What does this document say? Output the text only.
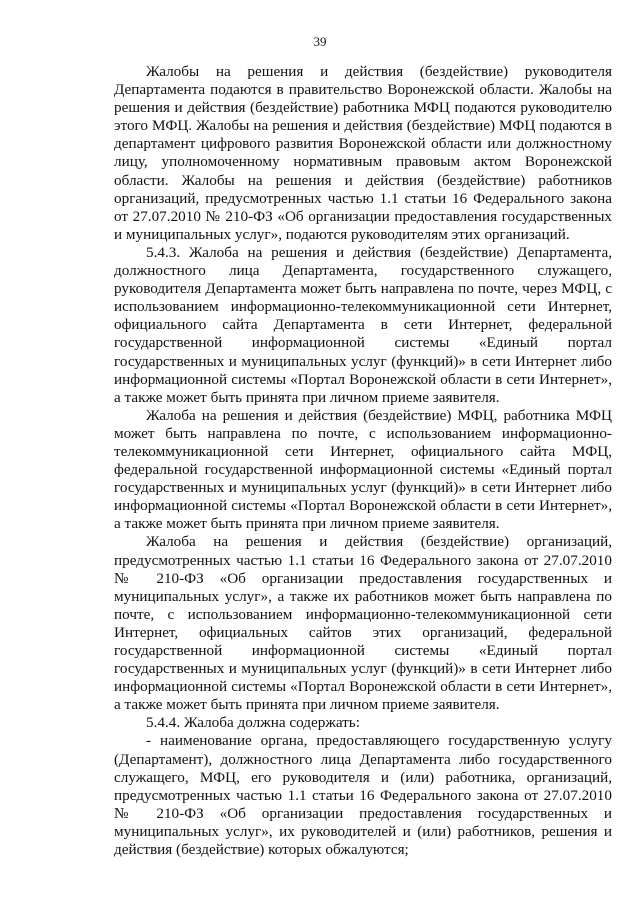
39

Жалобы на решения и действия (бездействие) руководителя Департамента подаются в правительство Воронежской области. Жалобы на решения и действия (бездействие) работника МФЦ подаются руководителю этого МФЦ. Жалобы на решения и действия (бездействие) МФЦ подаются в департамент цифрового развития Воронежской области или должностному лицу, уполномоченному нормативным правовым актом Воронежской области. Жалобы на решения и действия (бездействие) работников организаций, предусмотренных частью 1.1 статьи 16 Федерального закона от 27.07.2010 № 210-ФЗ «Об организации предоставления государственных и муниципальных услуг», подаются руководителям этих организаций.

5.4.3. Жалоба на решения и действия (бездействие) Департамента, должностного лица Департамента, государственного служащего, руководителя Департамента может быть направлена по почте, через МФЦ, с использованием информационно-телекоммуникационной сети Интернет, официального сайта Департамента в сети Интернет, федеральной государственной информационной системы «Единый портал государственных и муниципальных услуг (функций)» в сети Интернет либо информационной системы «Портал Воронежской области в сети Интернет», а также может быть принята при личном приеме заявителя.

Жалоба на решения и действия (бездействие) МФЦ, работника МФЦ может быть направлена по почте, с использованием информационно-телекоммуникационной сети Интернет, официального сайта МФЦ, федеральной государственной информационной системы «Единый портал государственных и муниципальных услуг (функций)» в сети Интернет либо информационной системы «Портал Воронежской области в сети Интернет», а также может быть принята при личном приеме заявителя.

Жалоба на решения и действия (бездействие) организаций, предусмотренных частью 1.1 статьи 16 Федерального закона от 27.07.2010 № 210-ФЗ «Об организации предоставления государственных и муниципальных услуг», а также их работников может быть направлена по почте, с использованием информационно-телекоммуникационной сети Интернет, официальных сайтов этих организаций, федеральной государственной информационной системы «Единый портал государственных и муниципальных услуг (функций)» в сети Интернет либо информационной системы «Портал Воронежской области в сети Интернет», а также может быть принята при личном приеме заявителя.

5.4.4. Жалоба должна содержать:

- наименование органа, предоставляющего государственную услугу (Департамент), должностного лица Департамента либо государственного служащего, МФЦ, его руководителя и (или) работника, организаций, предусмотренных частью 1.1 статьи 16 Федерального закона от 27.07.2010 № 210-ФЗ «Об организации предоставления государственных и муниципальных услуг», их руководителей и (или) работников, решения и действия (бездействие) которых обжалуются;
